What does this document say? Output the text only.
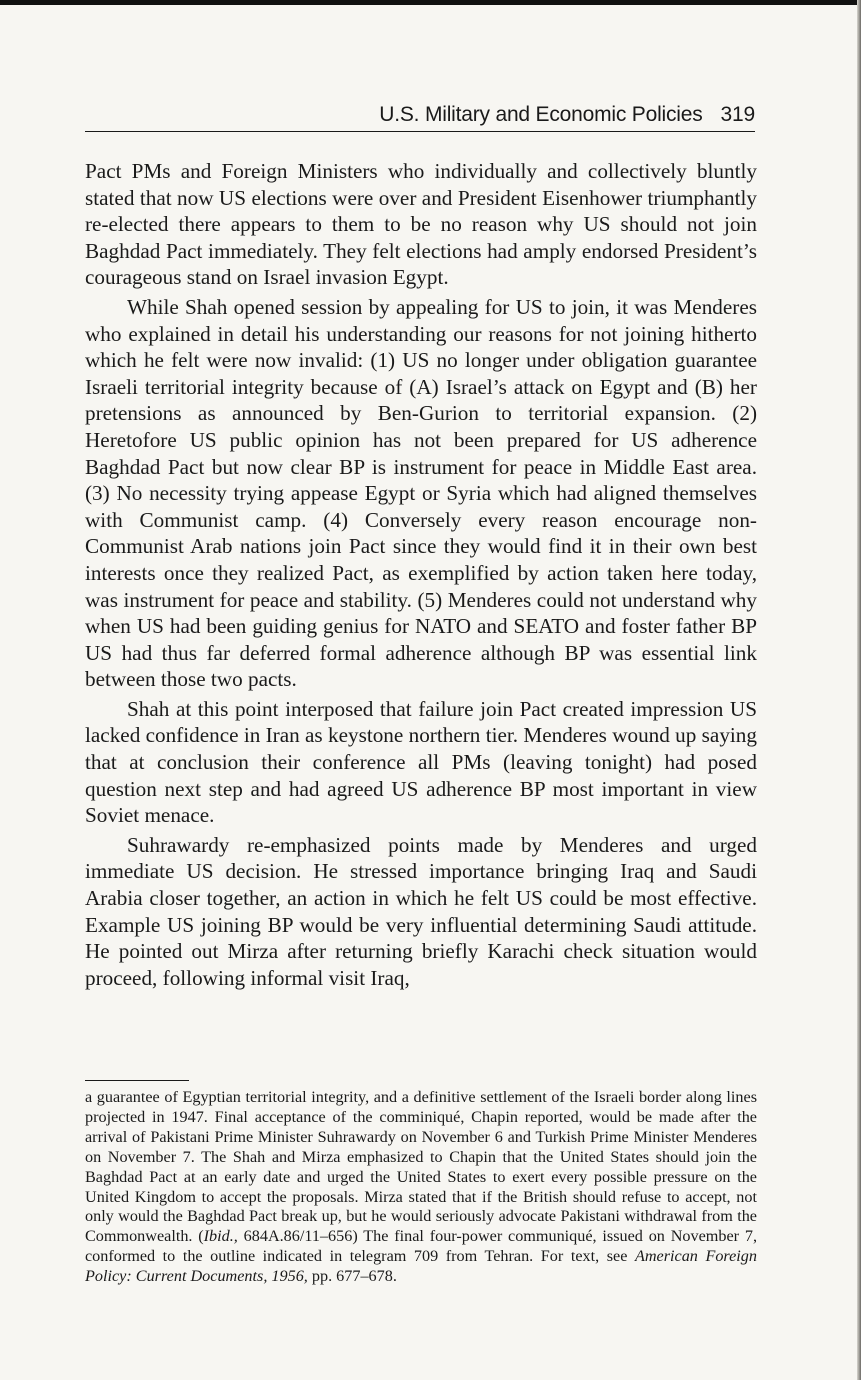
U.S. Military and Economic Policies 319

Pact PMs and Foreign Ministers who individually and collectively bluntly stated that now US elections were over and President Eisenhower triumphantly re-elected there appears to them to be no reason why US should not join Baghdad Pact immediately. They felt elections had amply endorsed President’s courageous stand on Israel invasion Egypt.

While Shah opened session by appealing for US to join, it was Menderes who explained in detail his understanding our reasons for not joining hitherto which he felt were now invalid: (1) US no longer under obligation guarantee Israeli territorial integrity because of (A) Israel’s attack on Egypt and (B) her pretensions as announced by Ben-Gurion to territorial expansion. (2) Heretofore US public opinion has not been prepared for US adherence Baghdad Pact but now clear BP is instrument for peace in Middle East area. (3) No necessity trying appease Egypt or Syria which had aligned themselves with Communist camp. (4) Conversely every reason encourage non-Communist Arab nations join Pact since they would find it in their own best interests once they realized Pact, as exemplified by action taken here today, was instrument for peace and stability. (5) Menderes could not understand why when US had been guiding genius for NATO and SEATO and foster father BP US had thus far deferred formal adherence although BP was essential link between those two pacts.

Shah at this point interposed that failure join Pact created impression US lacked confidence in Iran as keystone northern tier. Menderes wound up saying that at conclusion their conference all PMs (leaving tonight) had posed question next step and had agreed US adherence BP most important in view Soviet menace.

Suhrawardy re-emphasized points made by Menderes and urged immediate US decision. He stressed importance bringing Iraq and Saudi Arabia closer together, an action in which he felt US could be most effective. Example US joining BP would be very influential determining Saudi attitude. He pointed out Mirza after returning briefly Karachi check situation would proceed, following informal visit Iraq,

a guarantee of Egyptian territorial integrity, and a definitive settlement of the Israeli border along lines projected in 1947. Final acceptance of the comminiqué, Chapin reported, would be made after the arrival of Pakistani Prime Minister Suhrawardy on November 6 and Turkish Prime Minister Menderes on November 7. The Shah and Mirza emphasized to Chapin that the United States should join the Baghdad Pact at an early date and urged the United States to exert every possible pressure on the United Kingdom to accept the proposals. Mirza stated that if the British should refuse to accept, not only would the Baghdad Pact break up, but he would seriously advocate Pakistani withdrawal from the Commonwealth. (Ibid., 684A.86/11–656) The final four-power communiqué, issued on November 7, conformed to the outline indicated in telegram 709 from Tehran. For text, see American Foreign Policy: Current Documents, 1956, pp. 677–678.
